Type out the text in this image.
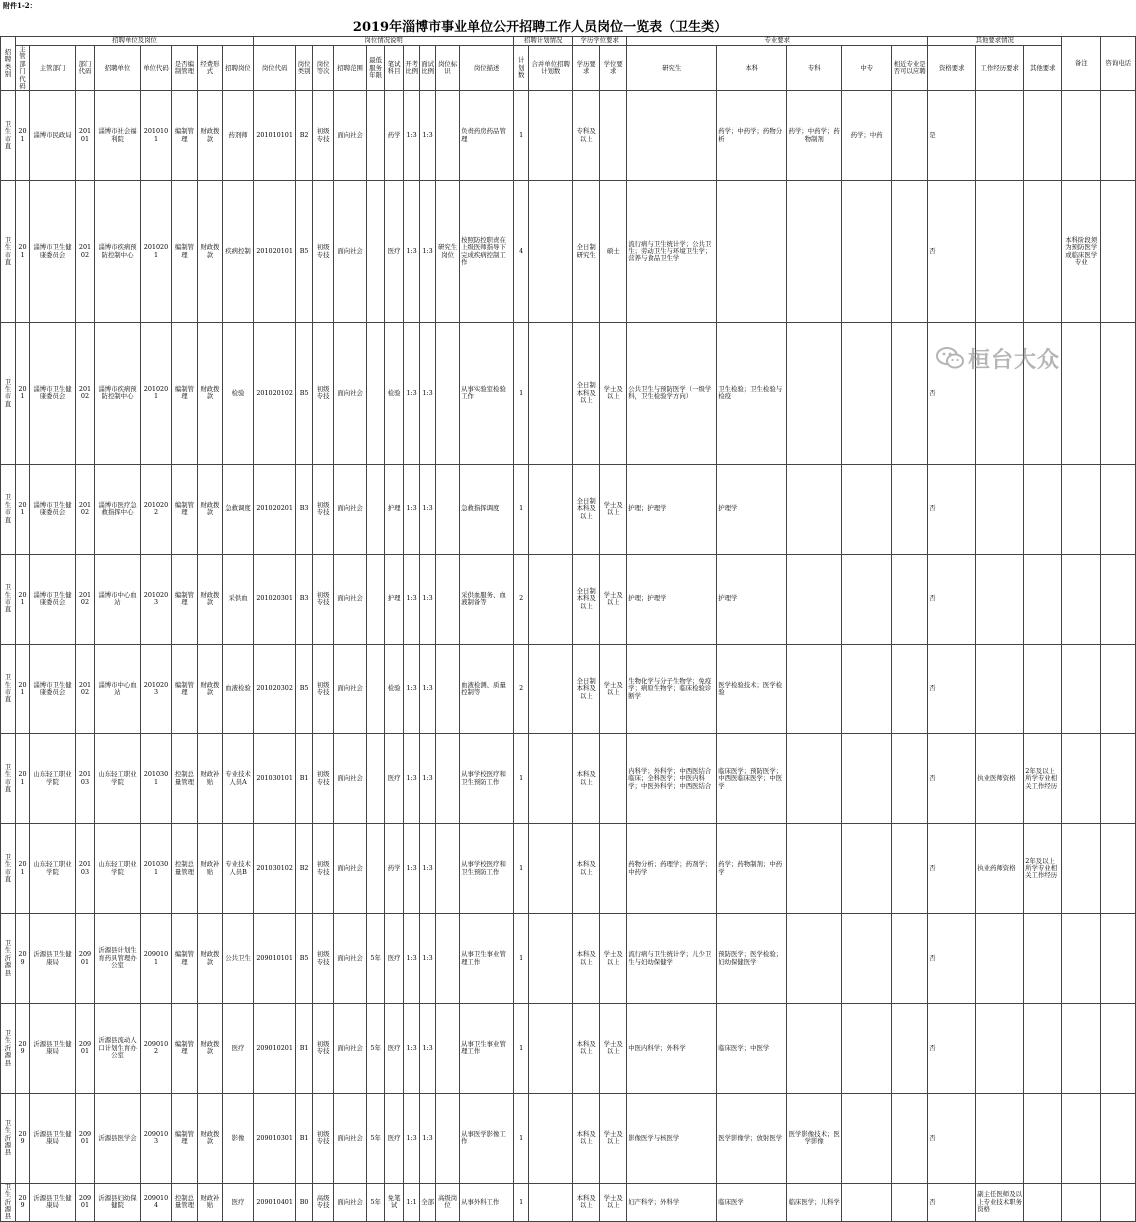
附件1-2：
2019年淄博市事业单位公开招聘工作人员岗位一览表（卫生类）
招聘类别	招聘单位及岗位								岗位情况说明										招聘计划情况		学历学位要求		专业要求					其他要求情况			备注	咨询电话	
	主管部门代码	主管部门	部门代码	招聘单位	单位代码	是否编制管理	经费形式	招聘岗位	岗位代码	岗位类别	岗位等次	招聘范围	最低服务年限	笔试科目	开考比例	面试比例	岗位标识	岗位描述	计划数	合并单位招聘计划数	学历要求	学位要求	研究生	本科	专科	中专	相近专业是否可以应聘	资格要求	工作经历要求	其他要求			
卫生市直	201	淄博市民政局	20101	淄博市社会福利院	2010101	编制管理	财政拨款	药剂师	201010101	B2	初级专技	面向社会		药学	1:3	1:3		负责药房药品管理	1		专科及以上			药学；中药学；药物分析	药学；中药学；药物制剂	药学；中药		是					
卫生市直	201	淄博市卫生健康委员会	20102	淄博市疾病预防控制中心	2010201	编制管理	财政拨款	疾病控制	201020101	B5	初级专技	面向社会		医疗	1:3	1:3	研究生岗位	按照防控职责在上级医师指导下完成疾病控制工作	4		全日制研究生	硕士	流行病与卫生统计学；公共卫生；劳动卫生与环境卫生学；营养与食品卫生学					否			本科阶段须为预防医学或临床医学专业		
卫生市直	201	淄博市卫生健康委员会	20102	淄博市疾病预防控制中心	2010201	编制管理	财政拨款	检验	201020102	B5	初级专技	面向社会		检验	1:3	1:3		从事实验室检验工作	1		全日制本科及以上	学士及以上	公共卫生与预防医学（一级学科，卫生检验学方向）	卫生检验；卫生检验与检疫				否					
卫生市直	201	淄博市卫生健康委员会	20102	淄博市医疗急救指挥中心	2010202	编制管理	财政拨款	急救调度	201020201	B3	初级专技	面向社会		护理	1:3	1:3		急救指挥调度	1		全日制本科及以上	学士及以上	护理；护理学	护理学				否					
卫生市直	201	淄博市卫生健康委员会	20102	淄博市中心血站	2010203	编制管理	财政拨款	采供血	201020301	B3	初级专技	面向社会		护理	1:3	1:3		采供血服务、血液制备等	2		全日制本科及以上	学士及以上	护理；护理学	护理学				否					
卫生市直	201	淄博市卫生健康委员会	20102	淄博市中心血站	2010203	编制管理	财政拨款	血液检验	201020302	B5	初级专技	面向社会		检验	1:3	1:3		血液检测、质量控制等	2		全日制本科及以上	学士及以上	生物化学与分子生物学；免疫学；病原生物学；临床检验诊断学	医学检验技术；医学检验				否					
卫生市直	201	山东轻工职业学院	20103	山东轻工职业学院	2010301	控制总量管理	财政补贴	专业技术人员A	201030101	B1	初级专技	面向社会		医疗	1:3	1:3		从事学校医疗和卫生预防工作	1		本科及以上		内科学；外科学；中西医结合临床；全科医学；中医内科学；中医外科学；中西医结合	临床医学；预防医学；中西医临床医学；中医学				否	执业医师资格	2年及以上所学专业相关工作经历			
卫生市直	201	山东轻工职业学院	20103	山东轻工职业学院	2010301	控制总量管理	财政补贴	专业技术人员B	201030102	B2	初级专技	面向社会		药学	1:3	1:3		从事学校医疗和卫生预防工作	1		本科及以上		药物分析；药理学；药剂学；中药学	药学；药物制剂；中药学				否	执业药师资格	2年及以上所学专业相关工作经历			
卫生沂源县	209	沂源县卫生健康局	20901	沂源县计划生育药具管理办公室	2090101	编制管理	财政拨款	公共卫生	209010101	B5	初级专技	面向社会	5年	医疗	1:3	1:3		从事卫生事业管理工作	1		本科及以上	学士及以上	流行病与卫生统计学；儿少卫生与妇幼保健学	预防医学；医学检验；妇幼保健医学				否					
卫生沂源县	209	沂源县卫生健康局	20901	沂源县流动人口计划生育办公室	2090102	编制管理	财政拨款	医疗	209010201	B1	初级专技	面向社会	5年	医疗	1:3	1:3		从事卫生事业管理工作	1		本科及以上	学士及以上	中医内科学；外科学	临床医学；中医学				否					
卫生沂源县	209	沂源县卫生健康局	20901	沂源县医学会	2090103	编制管理	财政拨款	影像	209010301	B1	初级专技	面向社会	5年	医疗	1:3	1:3		从事医学影像工作	1		本科及以上	学士及以上	影像医学与核医学	医学影像学；放射医学	医学影像技术；医学影像			否					
卫生沂源县	209	沂源县卫生健康局	20901	沂源县妇幼保健院	2090104	控制总量管理	财政补贴	医疗	209010401	B0	高级专技	面向社会	5年	免笔试	1:1	全部	高级岗位	从事外科工作	1		本科及以上	学士及以上	妇产科学；外科学	临床医学	临床医学；儿科学			否	副主任医师及以上专业技术职务资格				
桓台大众
